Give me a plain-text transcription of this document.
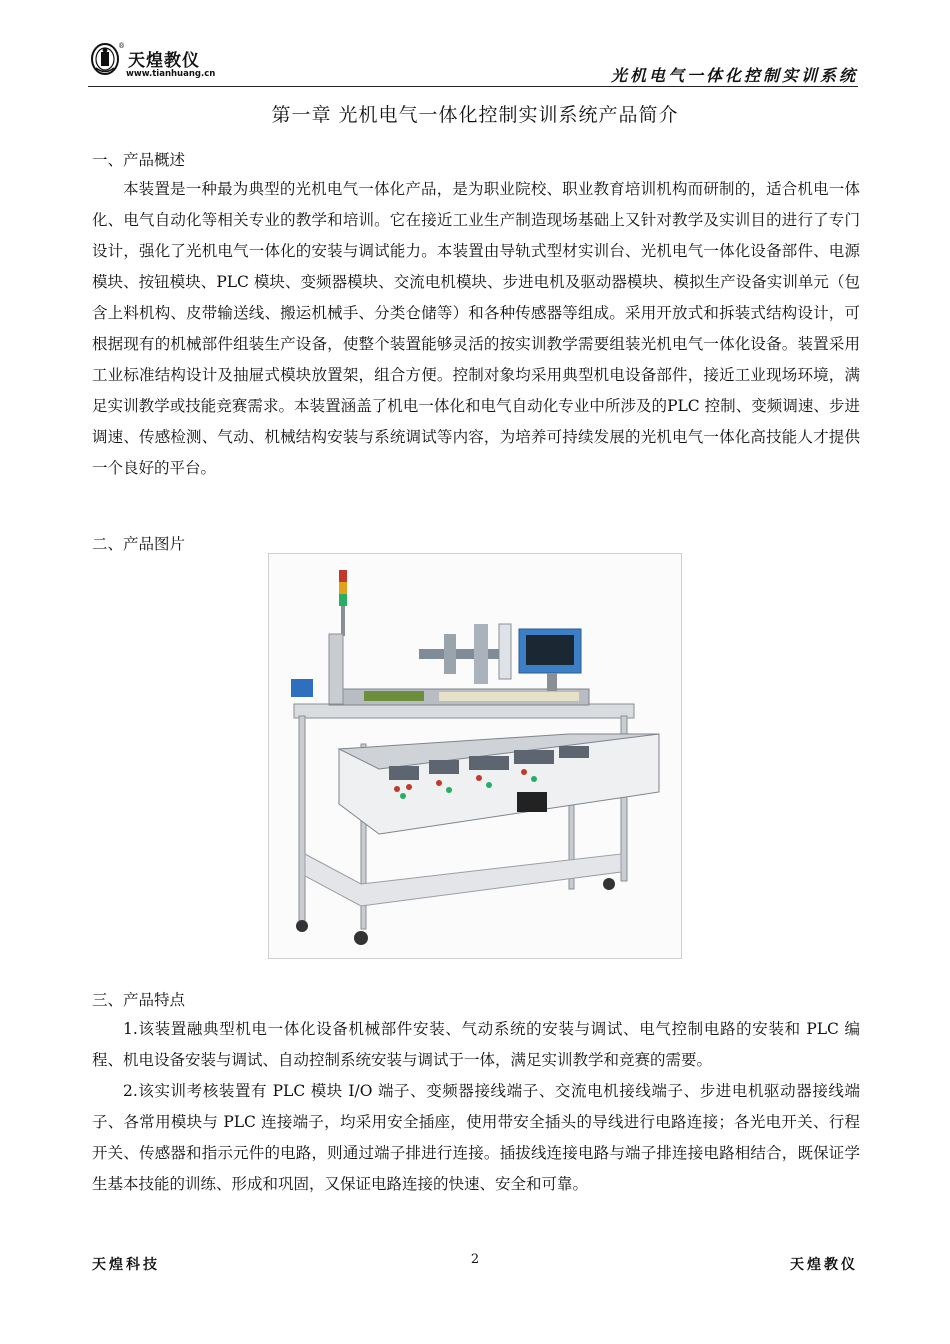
®
天煌教仪
www.tianhuang.cn	光机电气一体化控制实训系统
第一章 光机电气一体化控制实训系统产品简介
一、产品概述

本装置是一种最为典型的光机电气一体化产品，是为职业院校、职业教育培训机构而研制的，适合机电一体化、电气自动化等相关专业的教学和培训。它在接近工业生产制造现场基础上又针对教学及实训目的进行了专门设计，强化了光机电气一体化的安装与调试能力。本装置由导轨式型材实训台、光机电气一体化设备部件、电源模块、按钮模块、PLC 模块、变频器模块、交流电机模块、步进电机及驱动器模块、模拟生产设备实训单元（包含上料机构、皮带输送线、搬运机械手、分类仓储等）和各种传感器等组成。采用开放式和拆装式结构设计，可根据现有的机械部件组装生产设备，使整个装置能够灵活的按实训教学需要组装光机电气一体化设备。装置采用工业标准结构设计及抽屉式模块放置架，组合方便。控制对象均采用典型机电设备部件，接近工业现场环境，满足实训教学或技能竞赛需求。本装置涵盖了机电一体化和电气自动化专业中所涉及的PLC 控制、变频调速、步进调速、传感检测、气动、机械结构安装与系统调试等内容，为培养可持续发展的光机电气一体化高技能人才提供一个良好的平台。

二、产品图片
三、产品特点

1.该装置融典型机电一体化设备机械部件安装、气动系统的安装与调试、电气控制电路的安装和 PLC 编程、机电设备安装与调试、自动控制系统安装与调试于一体，满足实训教学和竞赛的需要。

2.该实训考核装置有 PLC 模块 I/O 端子、变频器接线端子、交流电机接线端子、步进电机驱动器接线端子、各常用模块与 PLC 连接端子，均采用安全插座，使用带安全插头的导线进行电路连接；各光电开关、行程开关、传感器和指示元件的电路，则通过端子排进行连接。插拔线连接电路与端子排连接电路相结合，既保证学生基本技能的训练、形成和巩固，又保证电路连接的快速、安全和可靠。

天煌科技	2	天煌教仪
